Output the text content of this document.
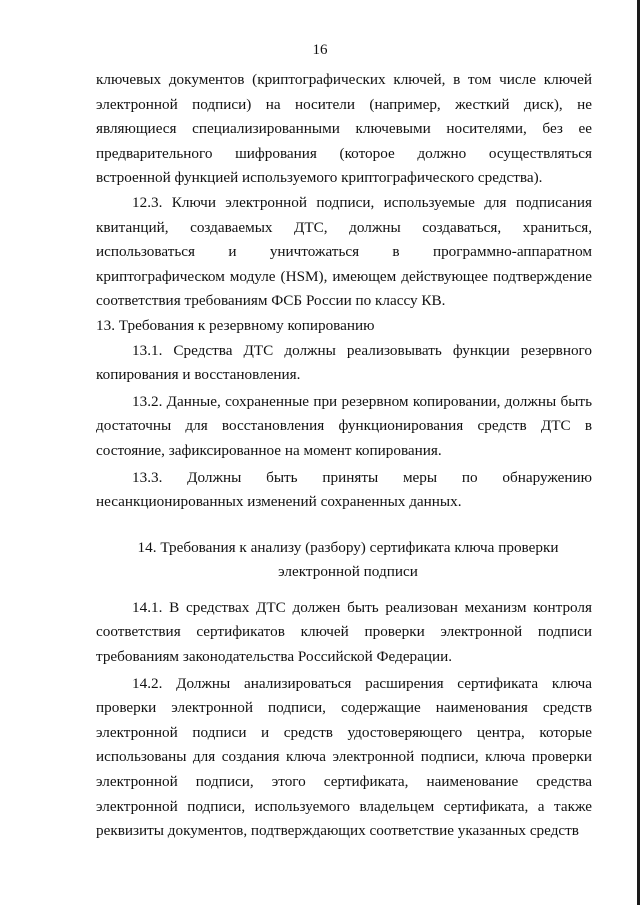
16

ключевых документов (криптографических ключей, в том числе ключей электронной подписи) на носители (например, жесткий диск), не являющиеся специализированными ключевыми носителями, без ее предварительного шифрования (которое должно осуществляться встроенной функцией используемого криптографического средства).

12.3. Ключи электронной подписи, используемые для подписания квитанций, создаваемых ДТС, должны создаваться, храниться, использоваться и уничтожаться в программно-аппаратном криптографическом модуле (HSM), имеющем действующее подтверждение соответствия требованиям ФСБ России по классу КВ.

13. Требования к резервному копированию

13.1. Средства ДТС должны реализовывать функции резервного копирования и восстановления.

13.2. Данные, сохраненные при резервном копировании, должны быть достаточны для восстановления функционирования средств ДТС в состояние, зафиксированное на момент копирования.

13.3. Должны быть приняты меры по обнаружению несанкционированных изменений сохраненных данных.

14. Требования к анализу (разбору) сертификата ключа проверки
электронной подписи

14.1. В средствах ДТС должен быть реализован механизм контроля соответствия сертификатов ключей проверки электронной подписи требованиям законодательства Российской Федерации.

14.2. Должны анализироваться расширения сертификата ключа проверки электронной подписи, содержащие наименования средств электронной подписи и средств удостоверяющего центра, которые использованы для создания ключа электронной подписи, ключа проверки электронной подписи, этого сертификата, наименование средства электронной подписи, используемого владельцем сертификата, а также реквизиты документов, подтверждающих соответствие указанных средств
